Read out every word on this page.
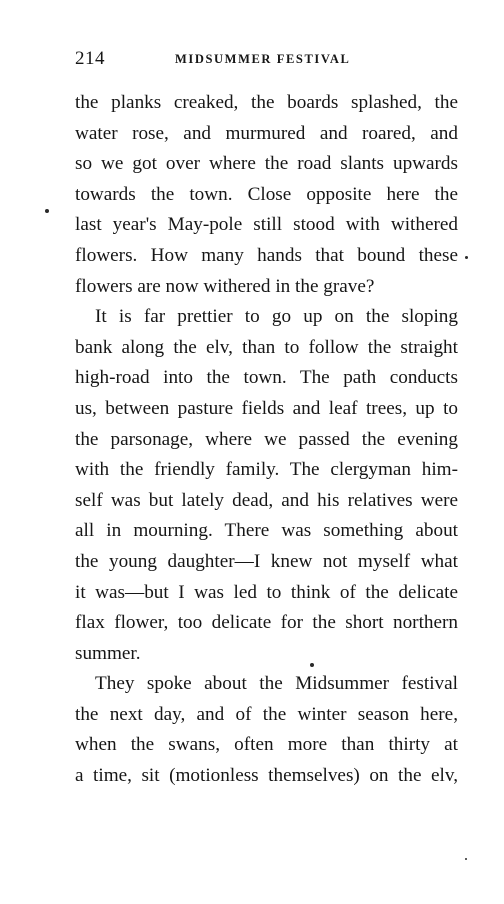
214	MIDSUMMER FESTIVAL
the planks creaked, the boards splashed, the
water rose, and murmured and roared, and
so we got over where the road slants upwards
towards the town. Close opposite here the
last year's May-pole still stood with withered
flowers. How many hands that bound these
flowers are now withered in the grave?
It is far prettier to go up on the sloping
bank along the elv, than to follow the straight
high-road into the town. The path conducts
us, between pasture fields and leaf trees, up to
the parsonage, where we passed the evening
with the friendly family. The clergyman him-
self was but lately dead, and his relatives were
all in mourning. There was something about
the young daughter—I knew not myself what
it was—but I was led to think of the delicate
flax flower, too delicate for the short northern
summer.
They spoke about the Midsummer festival
the next day, and of the winter season here,
when the swans, often more than thirty at
a time, sit (motionless themselves) on the elv,
